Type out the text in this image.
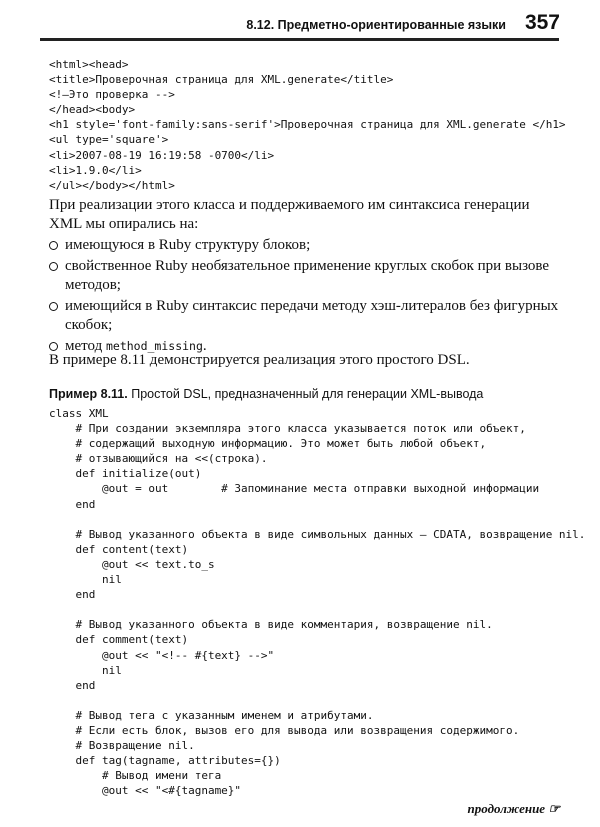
8.12. Предметно-ориентированные языки 357
<html><head>
<title>Проверочная страница для XML.generate</title>
<!—Это проверка -->
</head><body>
<h1 style='font-family:sans-serif'>Проверочная страница для XML.generate </h1>
<ul type='square'>
<li>2007-08-19 16:19:58 -0700</li>
<li>1.9.0</li>
</ul></body></html>
При реализации этого класса и поддерживаемого им синтаксиса генерации XML мы опирались на:
имеющуюся в Ruby структуру блоков;
свойственное Ruby необязательное применение круглых скобок при вызове методов;
имеющийся в Ruby синтаксис передачи методу хэш-литералов без фигурных скобок;
метод method_missing.
В примере 8.11 демонстрируется реализация этого простого DSL.
Пример 8.11. Простой DSL, предназначенный для генерации XML-вывода
class XML
# При создании экземпляра этого класса указывается поток или объект,
# содержащий выходную информацию. Это может быть любой объект,
# отзывающийся на <<(строка).
def initialize(out)
@out = out        # Запоминание места отправки выходной информации
end

# Вывод указанного объекта в виде символьных данных — CDATA, возвращение nil.
def content(text)
@out << text.to_s
nil
end

# Вывод указанного объекта в виде комментария, возвращение nil.
def comment(text)
@out << "<!-- #{text} -->"
nil
end

# Вывод тега с указанным именем и атрибутами.
# Если есть блок, вызов его для вывода или возвращения содержимого.
# Возвращение nil.
def tag(tagname, attributes={})
# Вывод имени тега
@out << "<#{tagname}"
продолжение ☞
